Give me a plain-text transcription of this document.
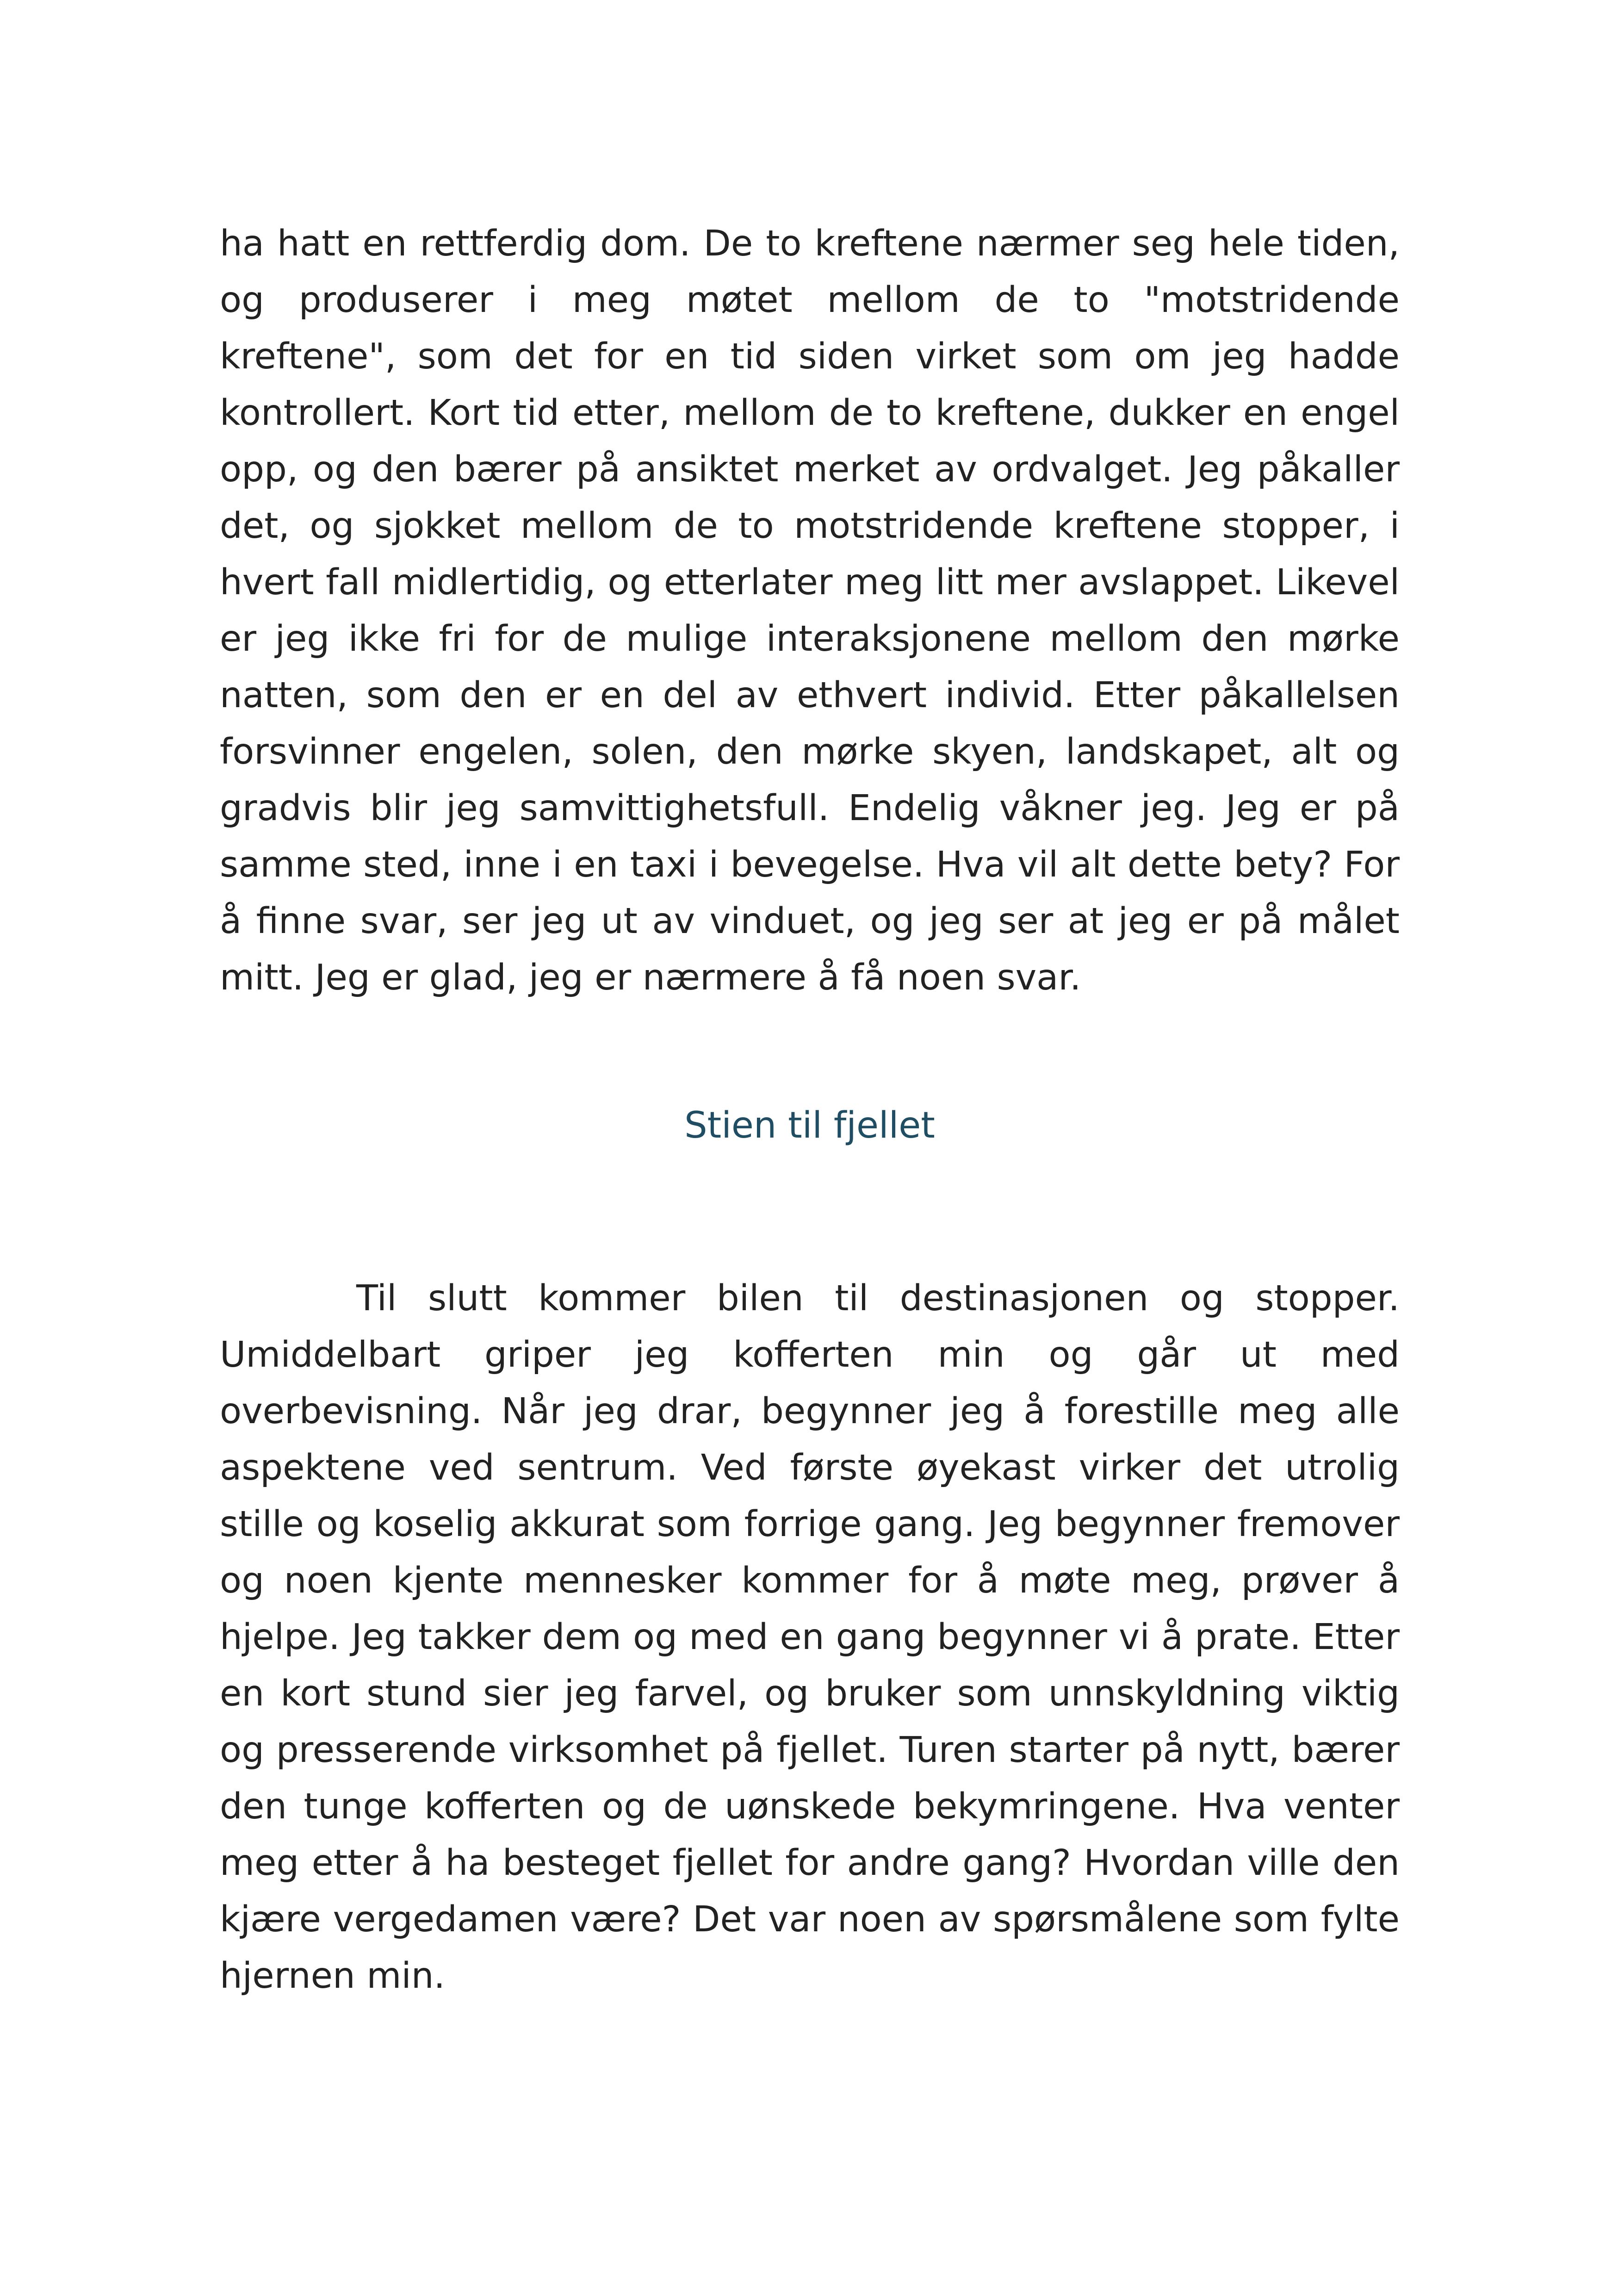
ha hatt en rettferdig dom. De to kreftene nærmer seg hele tiden, og produserer i meg møtet mellom de to "motstridende kreftene", som det for en tid siden virket som om jeg hadde kontrollert. Kort tid etter, mellom de to kreftene, dukker en engel opp, og den bærer på ansiktet merket av ordvalget. Jeg påkaller det, og sjokket mellom de to motstridende kreftene stopper, i hvert fall midlertidig, og etterlater meg litt mer avslappet. Likevel er jeg ikke fri for de mulige interaksjonene mellom den mørke natten, som den er en del av ethvert individ. Etter påkallelsen forsvinner engelen, solen, den mørke skyen, landskapet, alt og gradvis blir jeg samvittighetsfull. Endelig våkner jeg. Jeg er på samme sted, inne i en taxi i bevegelse. Hva vil alt dette bety? For å finne svar, ser jeg ut av vinduet, og jeg ser at jeg er på målet mitt. Jeg er glad, jeg er nærmere å få noen svar.

Stien til fjellet

Til slutt kommer bilen til destinasjonen og stopper. Umiddelbart griper jeg kofferten min og går ut med overbevisning. Når jeg drar, begynner jeg å forestille meg alle aspektene ved sentrum. Ved første øyekast virker det utrolig stille og koselig akkurat som forrige gang. Jeg begynner fremover og noen kjente mennesker kommer for å møte meg, prøver å hjelpe. Jeg takker dem og med en gang begynner vi å prate. Etter en kort stund sier jeg farvel, og bruker som unnskyldning viktig og presserende virksomhet på fjellet. Turen starter på nytt, bærer den tunge kofferten og de uønskede bekymringene. Hva venter meg etter å ha besteget fjellet for andre gang? Hvordan ville den kjære vergedamen være? Det var noen av spørsmålene som fylte hjernen min.
